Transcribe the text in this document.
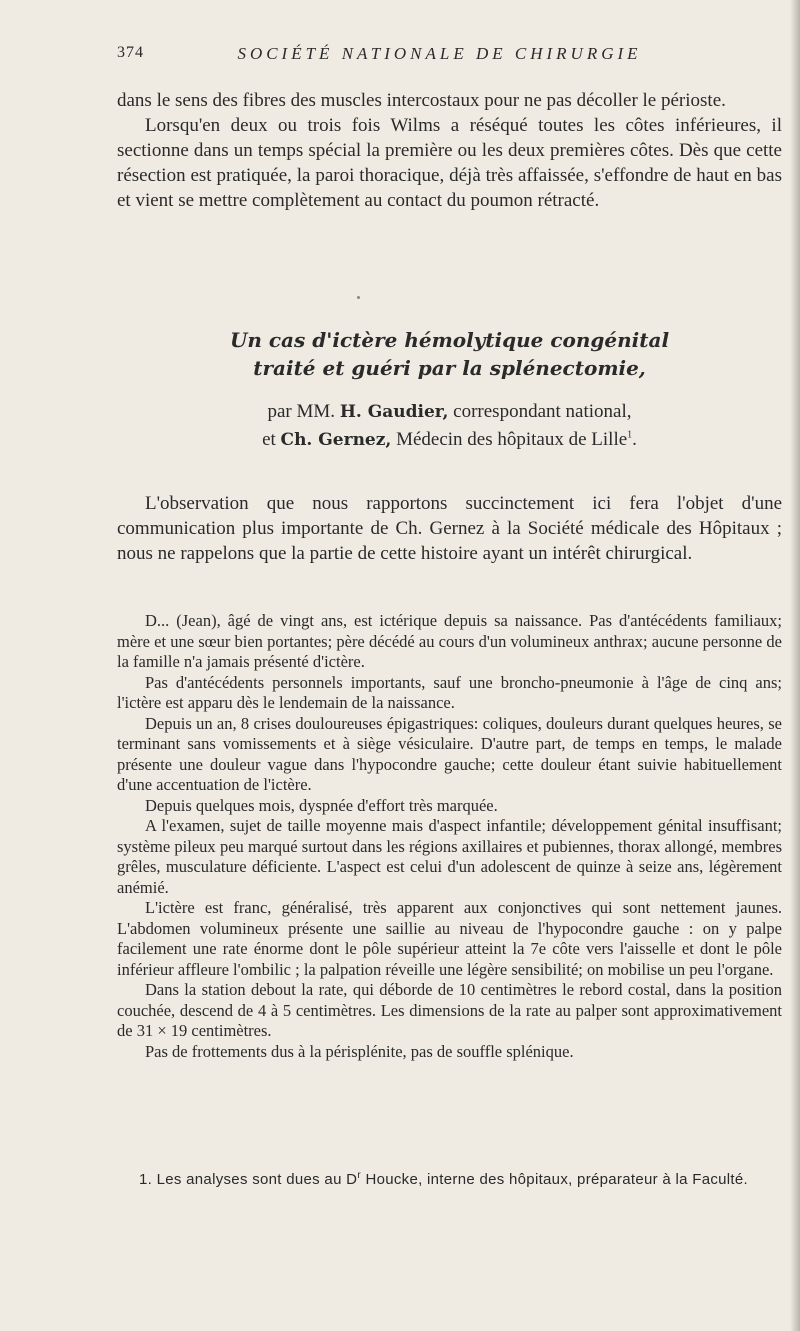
374	SOCIÉTÉ NATIONALE DE CHIRURGIE

dans le sens des fibres des muscles intercostaux pour ne pas décoller le périoste.

Lorsqu'en deux ou trois fois Wilms a réséqué toutes les côtes inférieures, il sectionne dans un temps spécial la première ou les deux premières côtes. Dès que cette résection est pratiquée, la paroi thoracique, déjà très affaissée, s'effondre de haut en bas et vient se mettre complètement au contact du poumon rétracté.

Un cas d'ictère hémolytique congénital
traité et guéri par la splénectomie,
par MM. H. Gaudier, correspondant national,
et Ch. Gernez, Médecin des hôpitaux de Lille$^1$.

L'observation que nous rapportons succinctement ici fera l'objet d'une communication plus importante de Ch. Gernez à la Société médicale des Hôpitaux ; nous ne rappelons que la partie de cette histoire ayant un intérêt chirurgical.

D... (Jean), âgé de vingt ans, est ictérique depuis sa naissance. Pas d'antécédents familiaux; mère et une sœur bien portantes; père décédé au cours d'un volumineux anthrax; aucune personne de la famille n'a jamais présenté d'ictère.

Pas d'antécédents personnels importants, sauf une broncho-pneumonie à l'âge de cinq ans; l'ictère est apparu dès le lendemain de la naissance.

Depuis un an, 8 crises douloureuses épigastriques: coliques, douleurs durant quelques heures, se terminant sans vomissements et à siège vésiculaire. D'autre part, de temps en temps, le malade présente une douleur vague dans l'hypocondre gauche; cette douleur étant suivie habituellement d'une accentuation de l'ictère.

Depuis quelques mois, dyspnée d'effort très marquée.

A l'examen, sujet de taille moyenne mais d'aspect infantile; développement génital insuffisant; système pileux peu marqué surtout dans les régions axillaires et pubiennes, thorax allongé, membres grêles, musculature déficiente. L'aspect est celui d'un adolescent de quinze à seize ans, légèrement anémié.

L'ictère est franc, généralisé, très apparent aux conjonctives qui sont nettement jaunes. L'abdomen volumineux présente une saillie au niveau de l'hypocondre gauche : on y palpe facilement une rate énorme dont le pôle supérieur atteint la 7e côte vers l'aisselle et dont le pôle inférieur affleure l'ombilic ; la palpation réveille une légère sensibilité; on mobilise un peu l'organe.

Dans la station debout la rate, qui déborde de 10 centimètres le rebord costal, dans la position couchée, descend de 4 à 5 centimètres. Les dimensions de la rate au palper sont approximativement de 31 × 19 centimètres.

Pas de frottements dus à la périsplénite, pas de souffle splénique.

1. Les analyses sont dues au $D^r$ Houcke, interne des hôpitaux, préparateur à la Faculté.
